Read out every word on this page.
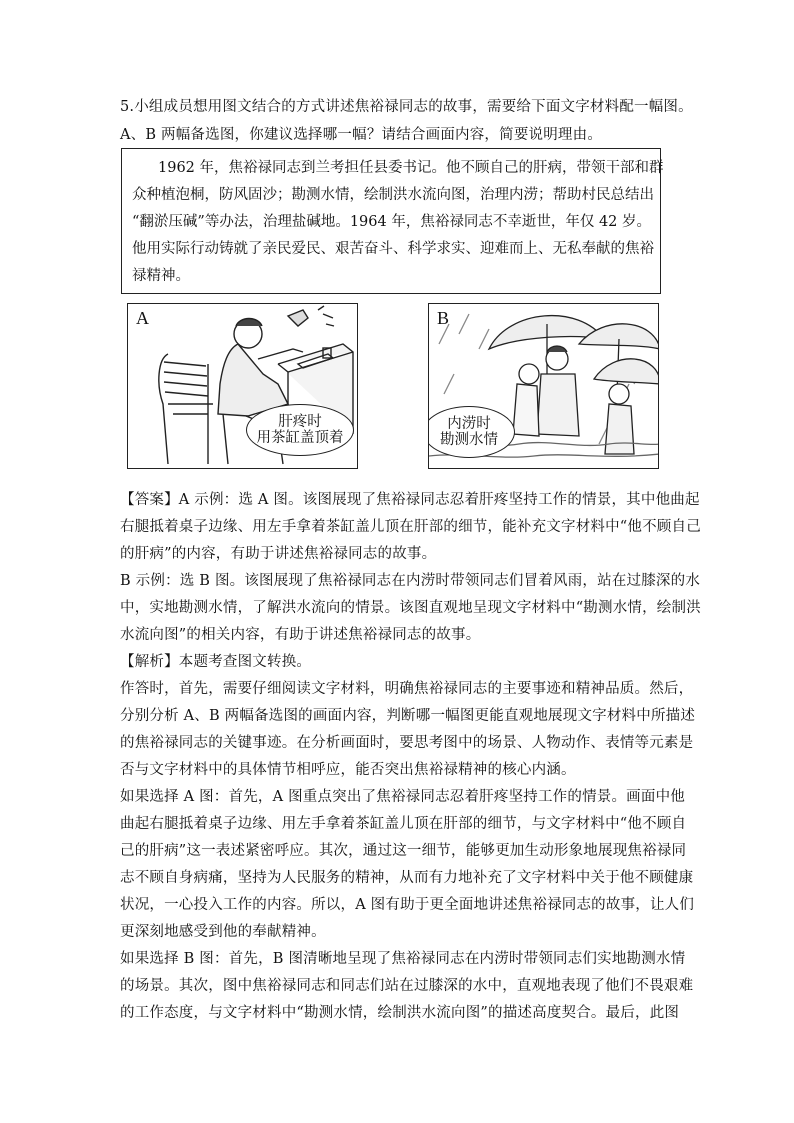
5.小组成员想用图文结合的方式讲述焦裕禄同志的故事，需要给下面文字材料配一幅图。
A、B 两幅备选图，你建议选择哪一幅？请结合画面内容，简要说明理由。
1962 年，焦裕禄同志到兰考担任县委书记。他不顾自己的肝病，带领干部和群
众种植泡桐，防风固沙；勘测水情，绘制洪水流向图，治理内涝；帮助村民总结出
“翻淤压碱”等办法，治理盐碱地。1964 年，焦裕禄同志不幸逝世，年仅 42 岁。
他用实际行动铸就了亲民爱民、艰苦奋斗、科学求实、迎难而上、无私奉献的焦裕
禄精神。
A
肝疼时
用茶缸盖顶着
B
内涝时
勘测水情
【答案】A 示例：选 A 图。该图展现了焦裕禄同志忍着肝疼坚持工作的情景，其中他曲起
右腿抵着桌子边缘、用左手拿着茶缸盖儿顶在肝部的细节，能补充文字材料中“他不顾自己
的肝病”的内容，有助于讲述焦裕禄同志的故事。
B 示例：选 B 图。该图展现了焦裕禄同志在内涝时带领同志们冒着风雨，站在过膝深的水
中，实地勘测水情，了解洪水流向的情景。该图直观地呈现文字材料中“勘测水情，绘制洪
水流向图”的相关内容，有助于讲述焦裕禄同志的故事。
【解析】本题考查图文转换。
作答时，首先，需要仔细阅读文字材料，明确焦裕禄同志的主要事迹和精神品质。然后，
分别分析 A、B 两幅备选图的画面内容，判断哪一幅图更能直观地展现文字材料中所描述
的焦裕禄同志的关键事迹。在分析画面时，要思考图中的场景、人物动作、表情等元素是
否与文字材料中的具体情节相呼应，能否突出焦裕禄精神的核心内涵。
如果选择 A 图：首先，A 图重点突出了焦裕禄同志忍着肝疼坚持工作的情景。画面中他
曲起右腿抵着桌子边缘、用左手拿着茶缸盖儿顶在肝部的细节，与文字材料中“他不顾自
己的肝病”这一表述紧密呼应。其次，通过这一细节，能够更加生动形象地展现焦裕禄同
志不顾自身病痛，坚持为人民服务的精神，从而有力地补充了文字材料中关于他不顾健康
状况，一心投入工作的内容。所以，A 图有助于更全面地讲述焦裕禄同志的故事，让人们
更深刻地感受到他的奉献精神。
如果选择 B 图：首先，B 图清晰地呈现了焦裕禄同志在内涝时带领同志们实地勘测水情
的场景。其次，图中焦裕禄同志和同志们站在过膝深的水中，直观地表现了他们不畏艰难
的工作态度，与文字材料中“勘测水情，绘制洪水流向图”的描述高度契合。最后，此图
